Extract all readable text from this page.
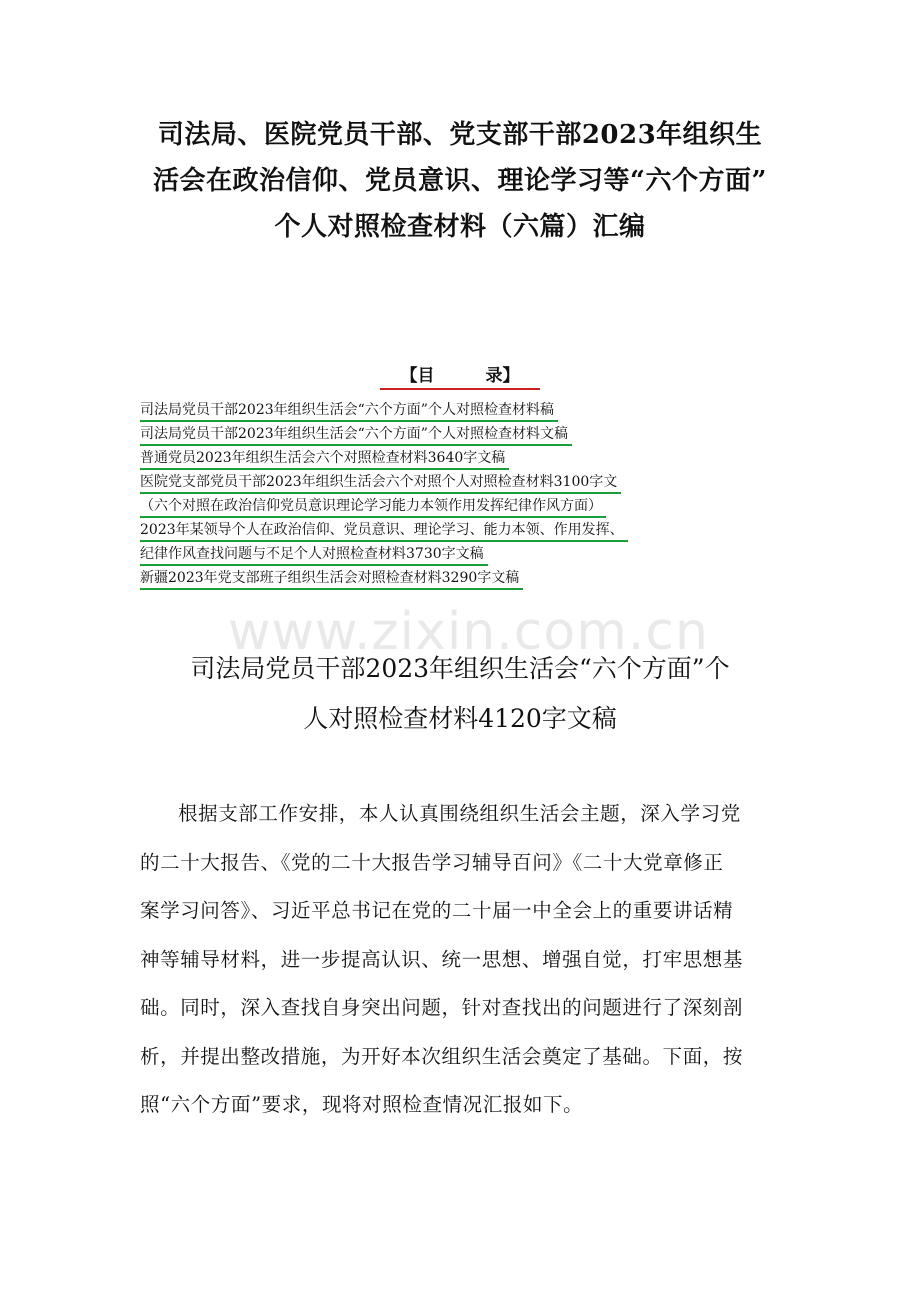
司法局、医院党员干部、党支部干部2023年组织生
活会在政治信仰、党员意识、理论学习等“六个方面”
个人对照检查材料（六篇）汇编
【目　　　录】
司法局党员干部2023年组织生活会“六个方面”个人对照检查材料稿
司法局党员干部2023年组织生活会“六个方面”个人对照检查材料文稿
普通党员2023年组织生活会六个对照检查材料3640字文稿
医院党支部党员干部2023年组织生活会六个对照个人对照检查材料3100字文
（六个对照在政治信仰党员意识理论学习能力本领作用发挥纪律作风方面）
2023年某领导个人在政治信仰、党员意识、理论学习、能力本领、作用发挥、
纪律作风查找问题与不足个人对照检查材料3730字文稿
新疆2023年党支部班子组织生活会对照检查材料3290字文稿
www.zixin.com.cn
司法局党员干部2023年组织生活会“六个方面”个
人对照检查材料4120字文稿
根据支部工作安排，本人认真围绕组织生活会主题，深入学习党
的二十大报告、《党的二十大报告学习辅导百问》《二十大党章修正
案学习问答》、习近平总书记在党的二十届一中全会上的重要讲话精
神等辅导材料，进一步提高认识、统一思想、增强自觉，打牢思想基
础。同时，深入查找自身突出问题，针对查找出的问题进行了深刻剖
析，并提出整改措施，为开好本次组织生活会奠定了基础。下面，按
照“六个方面”要求，现将对照检查情况汇报如下。
